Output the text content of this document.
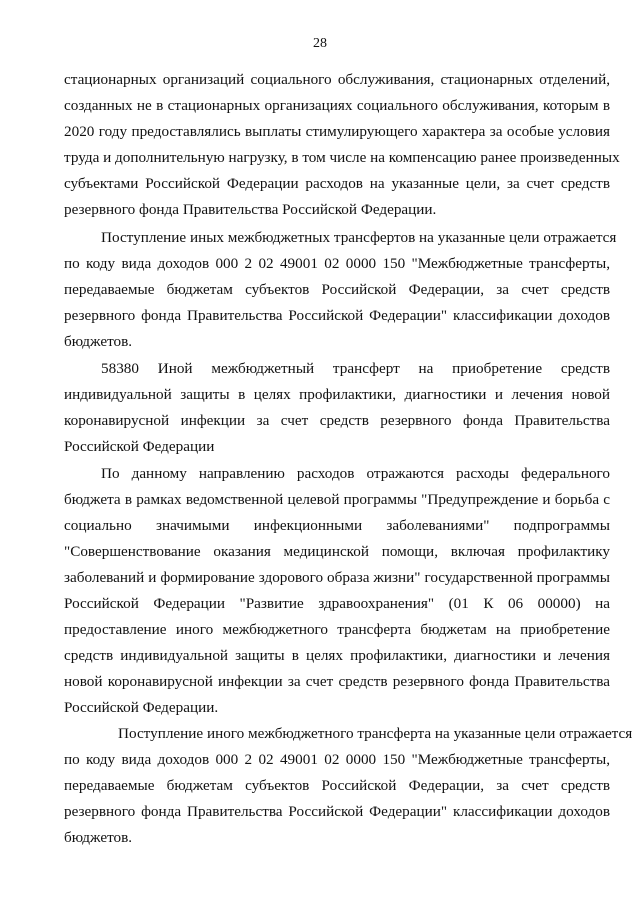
28
стационарных организаций социального обслуживания, стационарных отделений,
созданных не в стационарных организациях социального обслуживания, которым в
2020 году предоставлялись выплаты стимулирующего характера за особые условия
труда и дополнительную нагрузку, в том числе на компенсацию ранее произведенных
субъектами Российской Федерации расходов на указанные цели, за счет средств
резервного фонда Правительства Российской Федерации.
Поступление иных межбюджетных трансфертов на указанные цели отражается
по коду вида доходов 000 2 02 49001 02 0000 150 "Межбюджетные трансферты,
передаваемые бюджетам субъектов Российской Федерации, за счет средств
резервного фонда Правительства Российской Федерации" классификации доходов
бюджетов.
58380 Иной межбюджетный трансферт на приобретение средств
индивидуальной защиты в целях профилактики, диагностики и лечения новой
коронавирусной инфекции за счет средств резервного фонда Правительства
Российской Федерации
По данному направлению расходов отражаются расходы федерального
бюджета в рамках ведомственной целевой программы "Предупреждение и борьба с
социально значимыми инфекционными заболеваниями" подпрограммы
"Совершенствование оказания медицинской помощи, включая профилактику
заболеваний и формирование здорового образа жизни" государственной программы
Российской Федерации "Развитие здравоохранения" (01 К 06 00000) на
предоставление иного межбюджетного трансферта бюджетам на приобретение
средств индивидуальной защиты в целях профилактики, диагностики и лечения
новой коронавирусной инфекции за счет средств резервного фонда Правительства
Российской Федерации.
Поступление иного межбюджетного трансферта на указанные цели отражается
по коду вида доходов 000 2 02 49001 02 0000 150 "Межбюджетные трансферты,
передаваемые бюджетам субъектов Российской Федерации, за счет средств
резервного фонда Правительства Российской Федерации" классификации доходов
бюджетов.
